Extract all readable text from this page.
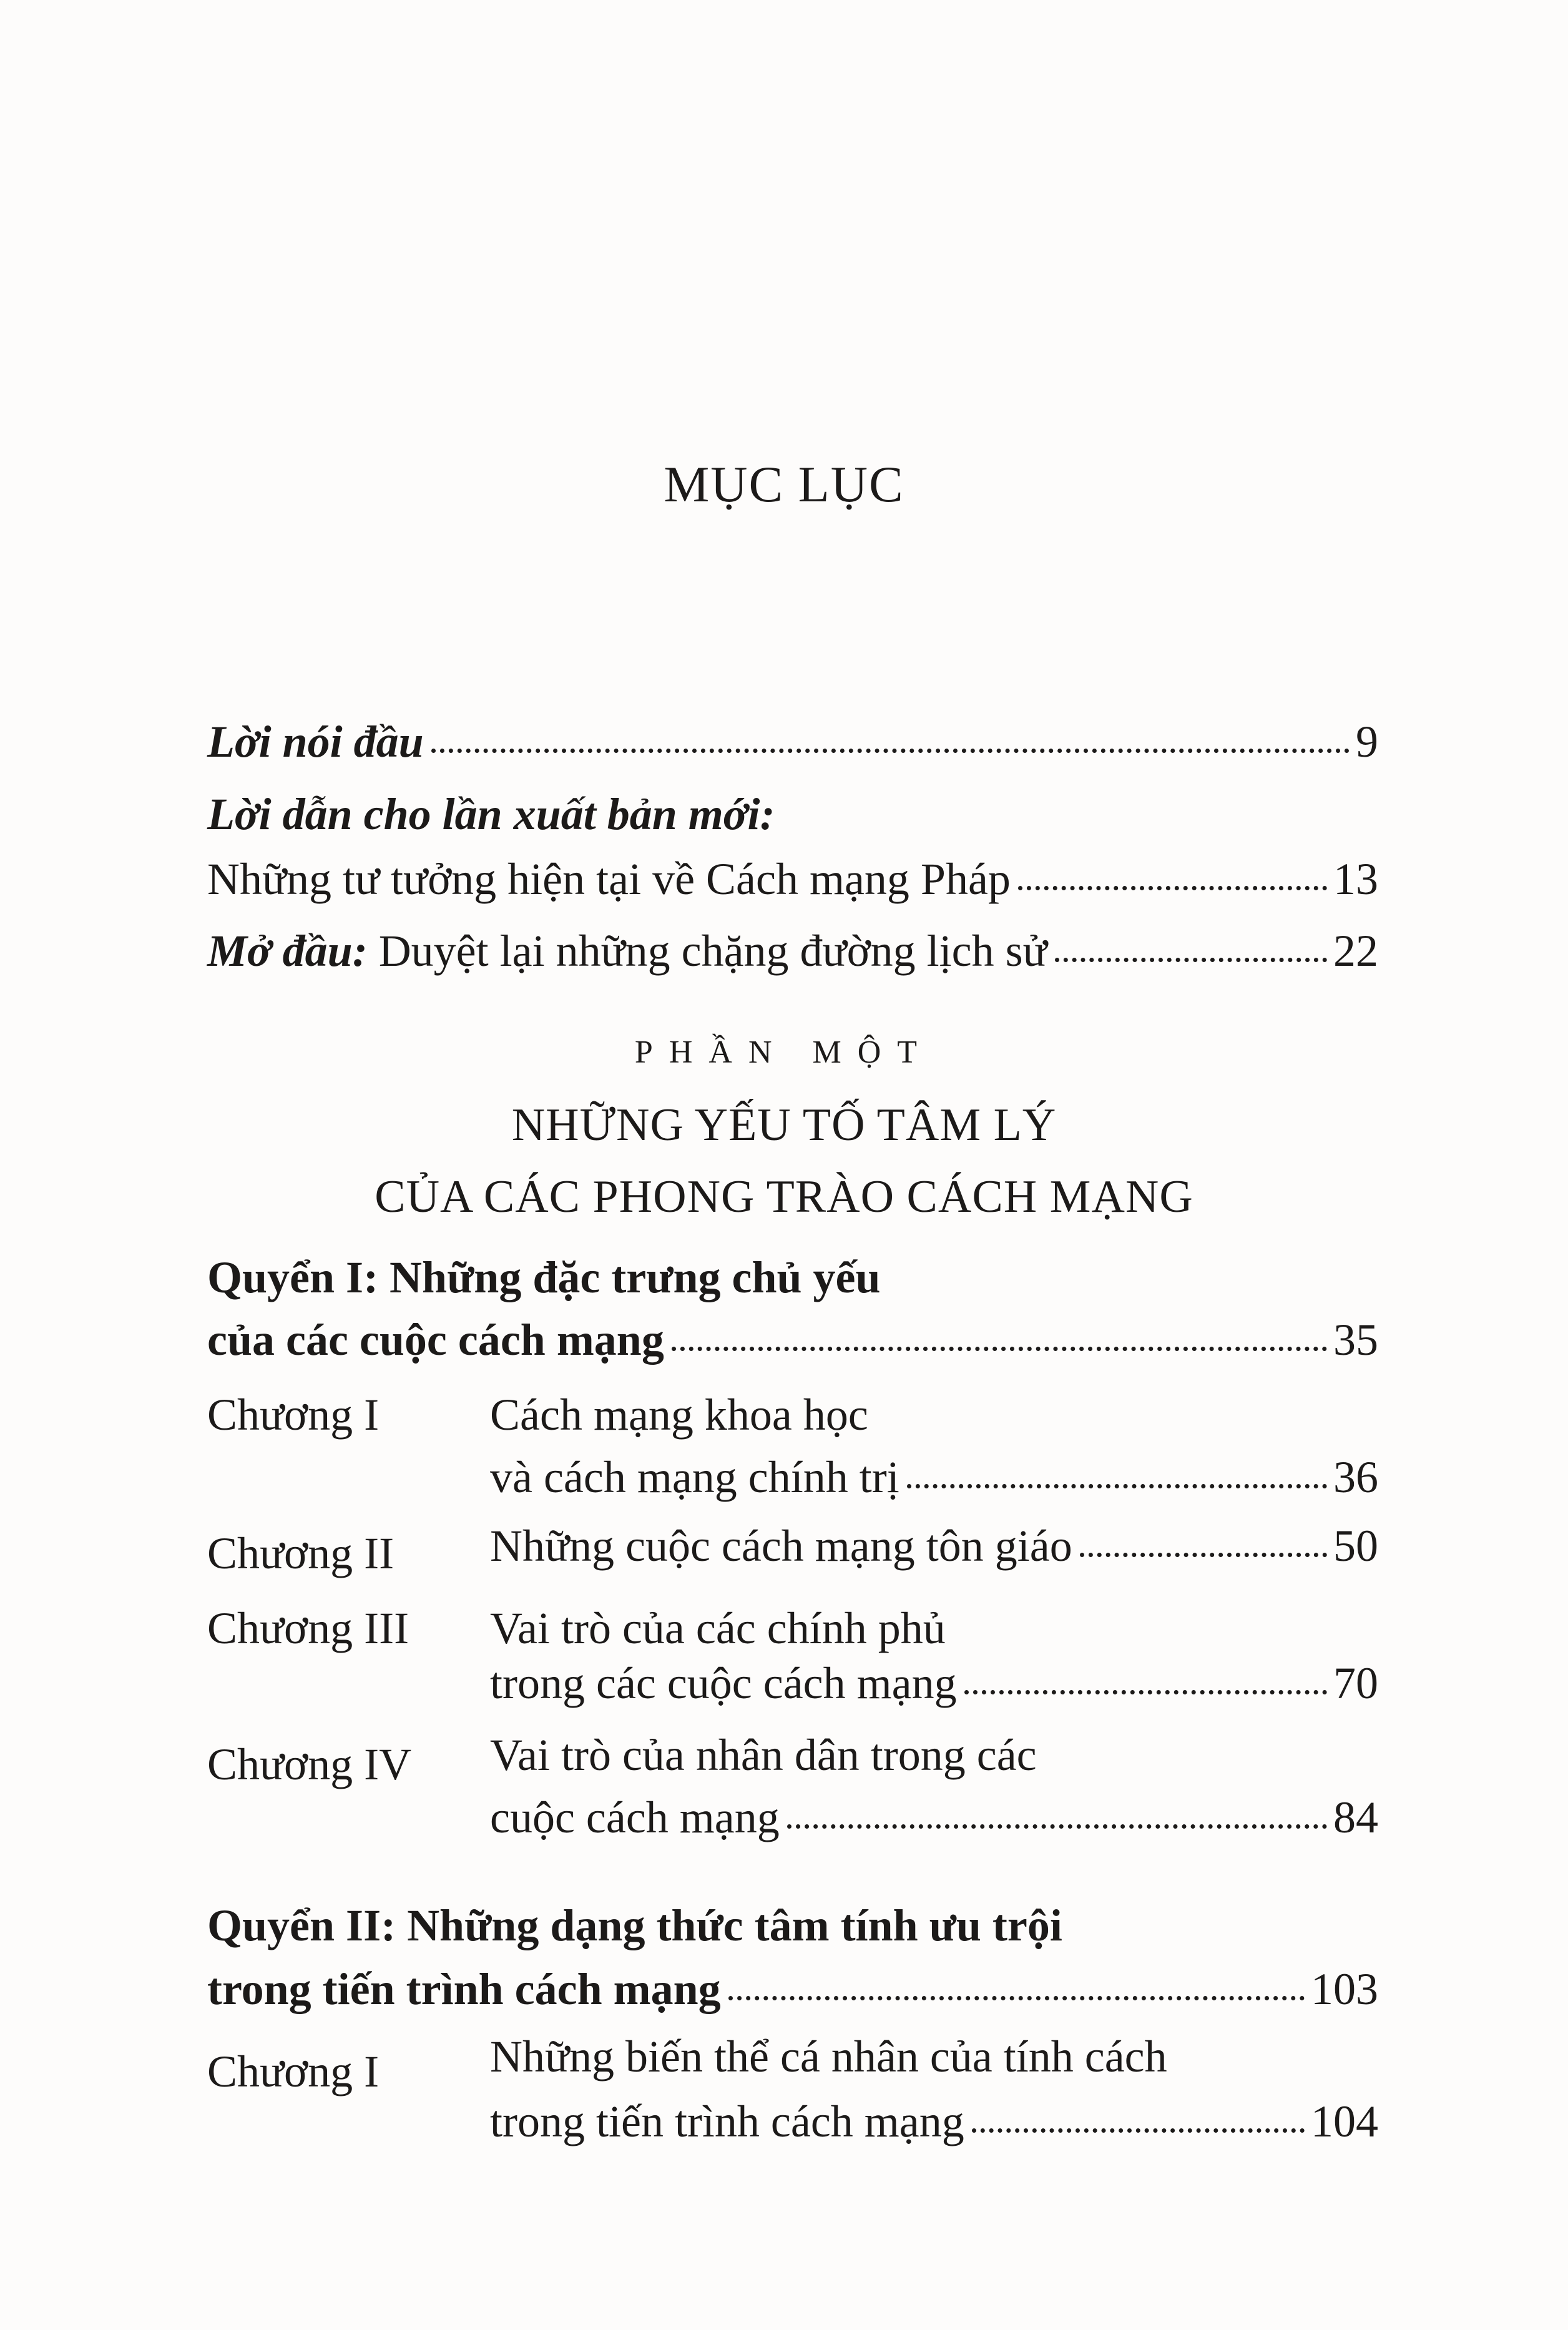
MỤC LỤC
Lời nói đầu	9
Lời dẫn cho lần xuất bản mới:
Những tư tưởng hiện tại về Cách mạng Pháp	13
Mở đầu: Duyệt lại những chặng đường lịch sử	22
PHẦN MỘT
NHỮNG YẾU TỐ TÂM LÝ
CỦA CÁC PHONG TRÀO CÁCH MẠNG
Quyển I: Những đặc trưng chủ yếu
của các cuộc cách mạng	35
Chương I Cách mạng khoa học
và cách mạng chính trị	36
Chương II Những cuộc cách mạng tôn giáo	50
Chương III Vai trò của các chính phủ
trong các cuộc cách mạng	70
Chương IV Vai trò của nhân dân trong các
cuộc cách mạng	84
Quyển II: Những dạng thức tâm tính ưu trội
trong tiến trình cách mạng	103
Chương I Những biến thể cá nhân của tính cách
trong tiến trình cách mạng	104
